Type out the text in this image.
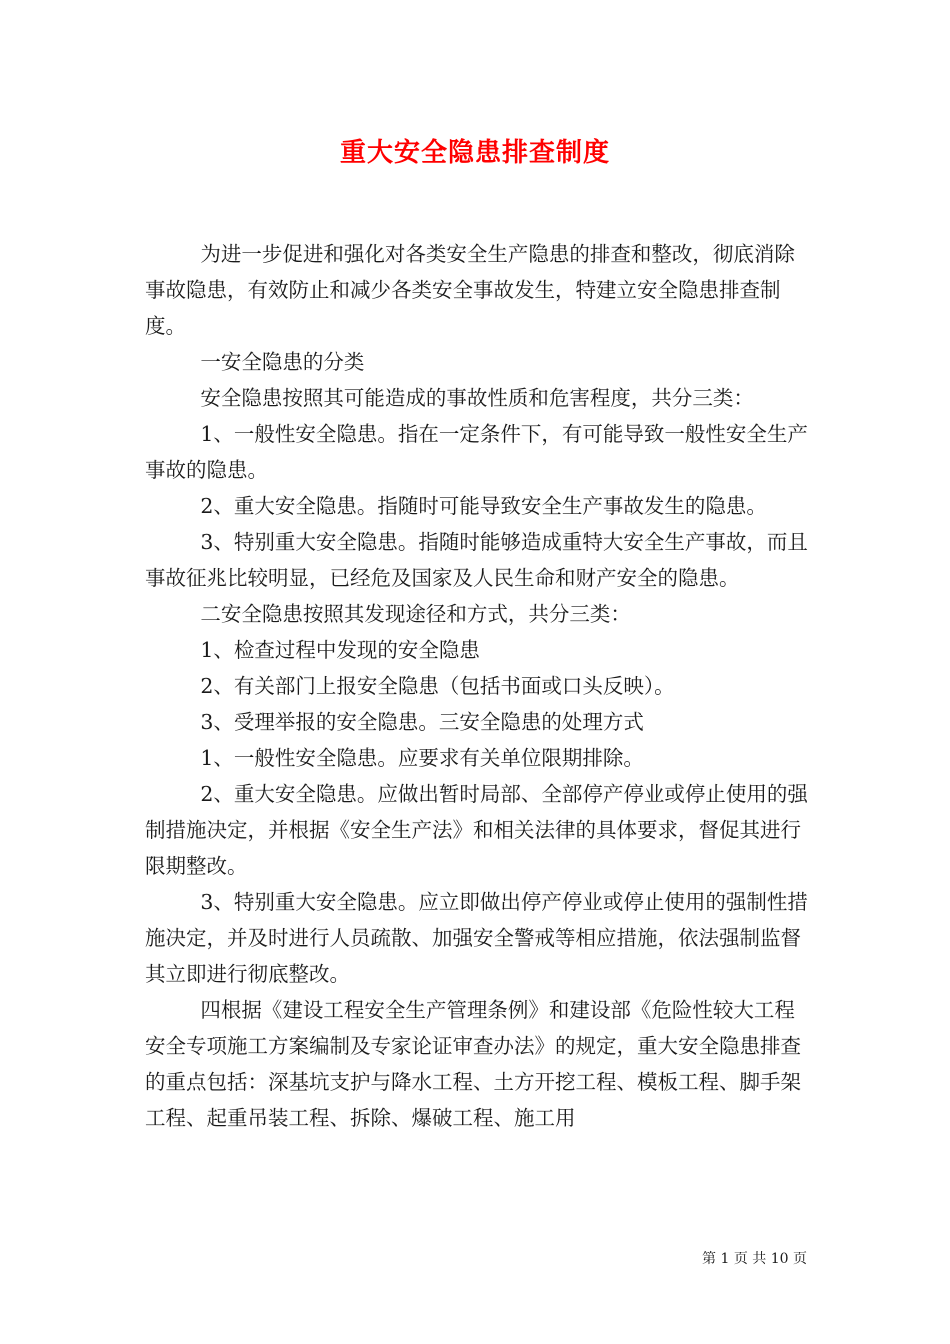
重大安全隐患排查制度

为进一步促进和强化对各类安全生产隐患的排查和整改，彻底消除事故隐患，有效防止和减少各类安全事故发生，特建立安全隐患排查制度。

一安全隐患的分类

安全隐患按照其可能造成的事故性质和危害程度，共分三类：

1、一般性安全隐患。指在一定条件下，有可能导致一般性安全生产事故的隐患。

2、重大安全隐患。指随时可能导致安全生产事故发生的隐患。

3、特别重大安全隐患。指随时能够造成重特大安全生产事故，而且事故征兆比较明显，已经危及国家及人民生命和财产安全的隐患。

二安全隐患按照其发现途径和方式，共分三类：

1、检查过程中发现的安全隐患

2、有关部门上报安全隐患（包括书面或口头反映）。

3、受理举报的安全隐患。三安全隐患的处理方式

1、一般性安全隐患。应要求有关单位限期排除。

2、重大安全隐患。应做出暂时局部、全部停产停业或停止使用的强制措施决定，并根据《安全生产法》和相关法律的具体要求，督促其进行限期整改。

3、特别重大安全隐患。应立即做出停产停业或停止使用的强制性措施决定，并及时进行人员疏散、加强安全警戒等相应措施，依法强制监督其立即进行彻底整改。

四根据《建设工程安全生产管理条例》和建设部《危险性较大工程安全专项施工方案编制及专家论证审查办法》的规定，重大安全隐患排查的重点包括：深基坑支护与降水工程、土方开挖工程、模板工程、脚手架工程、起重吊装工程、拆除、爆破工程、施工用

第 1 页 共 10 页
